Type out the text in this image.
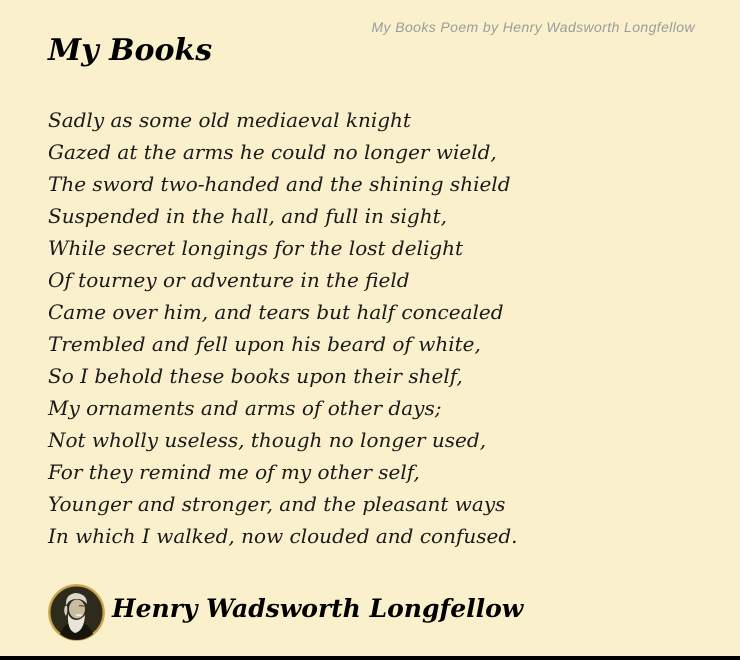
My Books Poem by Henry Wadsworth Longfellow
My Books
Sadly as some old mediaeval knight
Gazed at the arms he could no longer wield,
The sword two-handed and the shining shield
Suspended in the hall, and full in sight,
While secret longings for the lost delight
Of tourney or adventure in the field
Came over him, and tears but half concealed
Trembled and fell upon his beard of white,
So I behold these books upon their shelf,
My ornaments and arms of other days;
Not wholly useless, though no longer used,
For they remind me of my other self,
Younger and stronger, and the pleasant ways
In which I walked, now clouded and confused.
Henry Wadsworth Longfellow
